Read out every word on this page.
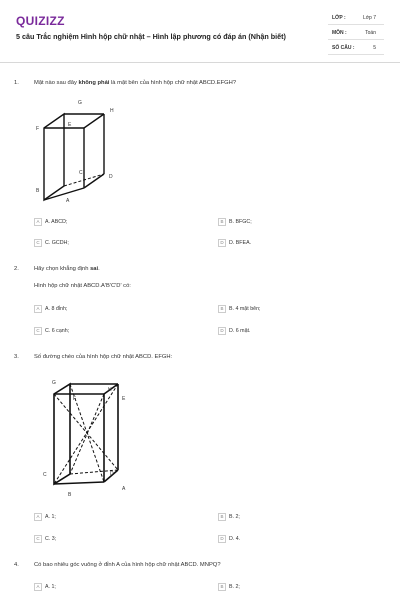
QUIZIZZ
5 câu Trắc nghiệm Hình hộp chữ nhật – Hình lập phương có đáp án (Nhận biết)
LỚP :	Lớp 7
MÔN :	Toán
SỐ CÂU :	5
1.	Mặt nào sau đây không phải là mặt bên của hình hộp chữ nhật ABCD.EFGH?
G
H
E
F
C
D
B
A
A A. ABCD;	B B. BFGC;
C C. GCDH;	D D. BFEA.
2.	Hãy chọn khẳng định sai.
Hình hộp chữ nhật ABCD.A'B'C'D' có:
A A. 8 đỉnh;	B B. 4 mặt bên;
C C. 6 cạnh;	D D. 6 mặt.
3.	Số đường chéo của hình hộp chữ nhật ABCD. EFGH:
G
F	E
H
C	D
B
A
A A. 1;	B B. 2;
C C. 3;	D D. 4.
4.	Có bao nhiêu góc vuông ở đỉnh A của hình hộp chữ nhật ABCD. MNPQ?
A A. 1;	B B. 2;
